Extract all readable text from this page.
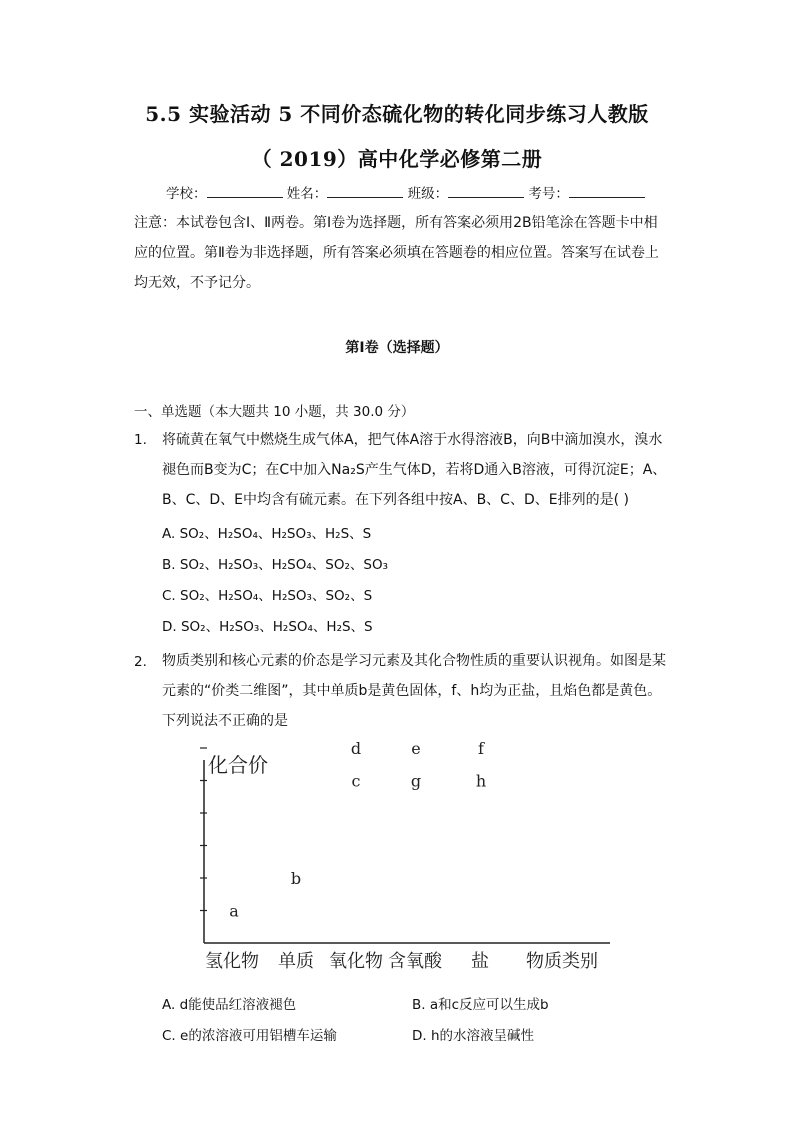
5.5 实验活动 5 不同价态硫化物的转化同步练习人教版
（ 2019）高中化学必修第二册
学校：	姓名：	班级：	考号：
注意：本试卷包含Ⅰ、Ⅱ两卷。第Ⅰ卷为选择题，所有答案必须用2B铅笔涂在答题卡中相应的位置。第Ⅱ卷为非选择题，所有答案必须填在答题卷的相应位置。答案写在试卷上均无效，不予记分。
第Ⅰ卷（选择题）
一、单选题（本大题共 10 小题，共 30.0 分）
1. 将硫黄在氧气中燃烧生成气体A，把气体A溶于水得溶液B，向B中滴加溴水，溴水褪色而B变为C；在C中加入Na₂S产生气体D，若将D通入B溶液，可得沉淀E；A、B、C、D、E中均含有硫元素。在下列各组中按A、B、C、D、E排列的是( )
A. SO₂、H₂SO₄、H₂SO₃、H₂S、S
B. SO₂、H₂SO₃、H₂SO₄、SO₂、SO₃
C. SO₂、H₂SO₄、H₂SO₃、SO₂、S
D. SO₂、H₂SO₃、H₂SO₄、H₂S、S
2. 物质类别和核心元素的价态是学习元素及其化合物性质的重要认识视角。如图是某元素的“价类二维图”，其中单质b是黄色固体，f、h均为正盐，且焰色都是黄色。下列说法不正确的是
化合价
氢化物 单质 氧化物 含氧酸 盐 物质类别
a
b
c
d	e
g
f
h
A. d能使品红溶液褪色	B. a和c反应可以生成b
C. e的浓溶液可用铝槽车运输	D. h的水溶液呈碱性
